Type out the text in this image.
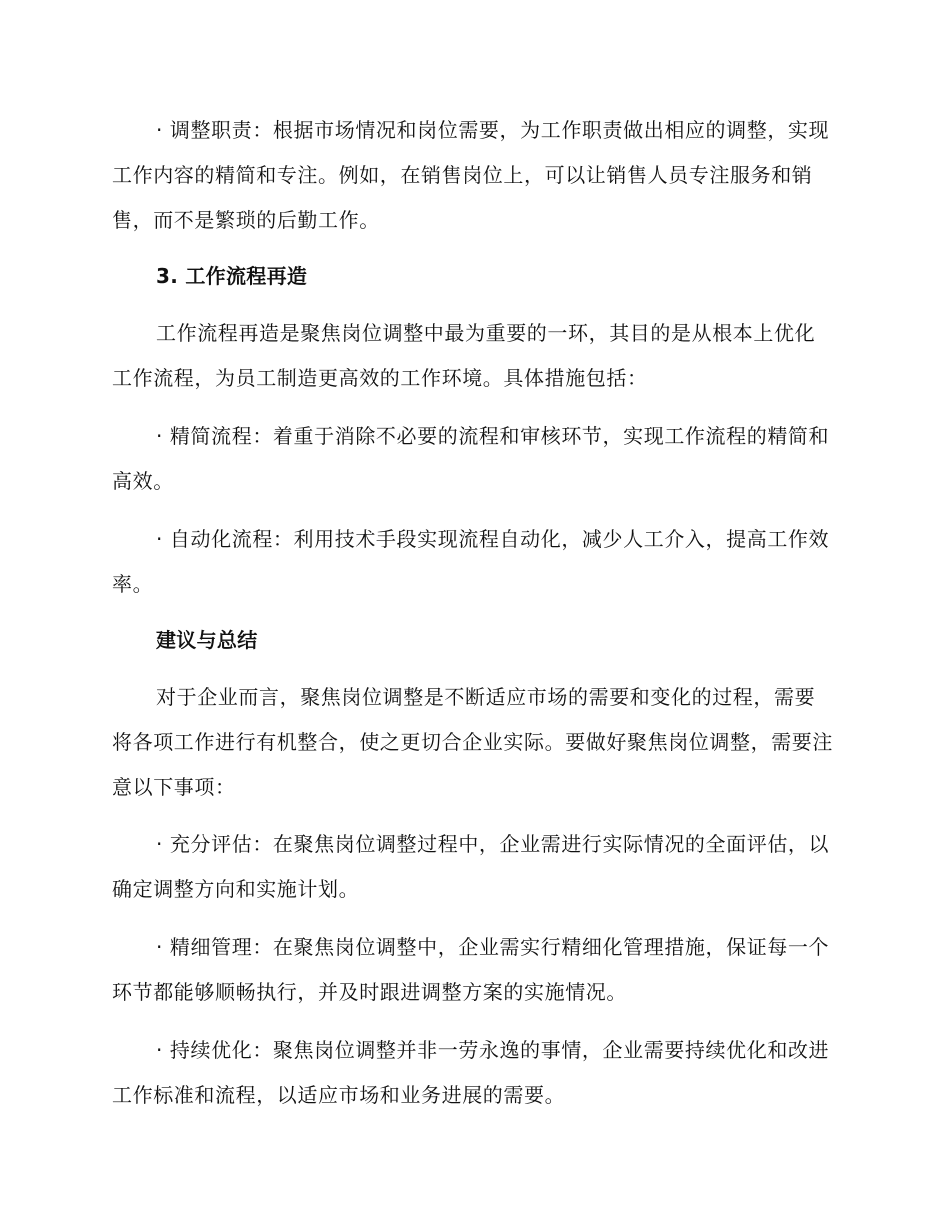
· 调整职责：根据市场情况和岗位需要，为工作职责做出相应的调整，实现工作内容的精简和专注。例如，在销售岗位上，可以让销售人员专注服务和销售，而不是繁琐的后勤工作。

3. 工作流程再造

工作流程再造是聚焦岗位调整中最为重要的一环，其目的是从根本上优化工作流程，为员工制造更高效的工作环境。具体措施包括：

· 精简流程：着重于消除不必要的流程和审核环节，实现工作流程的精简和高效。

· 自动化流程：利用技术手段实现流程自动化，减少人工介入，提高工作效率。

建议与总结

对于企业而言，聚焦岗位调整是不断适应市场的需要和变化的过程，需要将各项工作进行有机整合，使之更切合企业实际。要做好聚焦岗位调整，需要注意以下事项：

· 充分评估：在聚焦岗位调整过程中，企业需进行实际情况的全面评估，以确定调整方向和实施计划。

· 精细管理：在聚焦岗位调整中，企业需实行精细化管理措施，保证每一个环节都能够顺畅执行，并及时跟进调整方案的实施情况。

· 持续优化：聚焦岗位调整并非一劳永逸的事情，企业需要持续优化和改进工作标准和流程，以适应市场和业务进展的需要。
